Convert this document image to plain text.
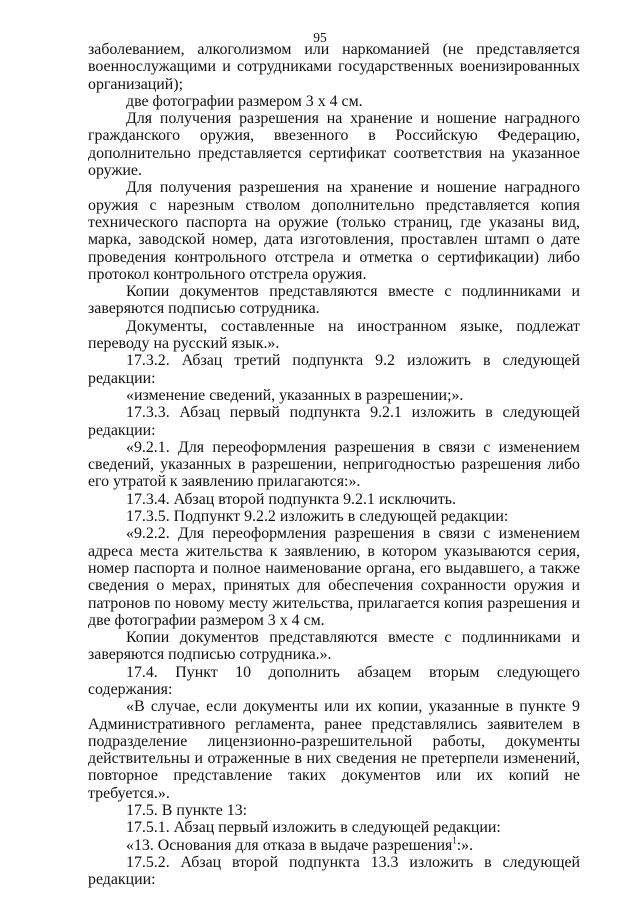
95

заболеванием, алкоголизмом или наркоманией (не представляется военнослужащими и сотрудниками государственных военизированных организаций);

две фотографии размером 3 х 4 см.

Для получения разрешения на хранение и ношение наградного гражданского оружия, ввезенного в Российскую Федерацию, дополнительно представляется сертификат соответствия на указанное оружие.

Для получения разрешения на хранение и ношение наградного оружия с нарезным стволом дополнительно представляется копия технического паспорта на оружие (только страниц, где указаны вид, марка, заводской номер, дата изготовления, проставлен штамп о дате проведения контрольного отстрела и отметка о сертификации) либо протокол контрольного отстрела оружия.

Копии документов представляются вместе с подлинниками и заверяются подписью сотрудника.

Документы, составленные на иностранном языке, подлежат переводу на русский язык.».

17.3.2. Абзац третий подпункта 9.2 изложить в следующей редакции:

«изменение сведений, указанных в разрешении;».

17.3.3. Абзац первый подпункта 9.2.1 изложить в следующей редакции:

«9.2.1. Для переоформления разрешения в связи с изменением сведений, указанных в разрешении, непригодностью разрешения либо его утратой к заявлению прилагаются:».

17.3.4. Абзац второй подпункта 9.2.1 исключить.

17.3.5. Подпункт 9.2.2 изложить в следующей редакции:

«9.2.2. Для переоформления разрешения в связи с изменением адреса места жительства к заявлению, в котором указываются серия, номер паспорта и полное наименование органа, его выдавшего, а также сведения о мерах, принятых для обеспечения сохранности оружия и патронов по новому месту жительства, прилагается копия разрешения и две фотографии размером 3 х 4 см.

Копии документов представляются вместе с подлинниками и заверяются подписью сотрудника.».

17.4. Пункт 10 дополнить абзацем вторым следующего содержания:

«В случае, если документы или их копии, указанные в пункте 9 Административного регламента, ранее представлялись заявителем в подразделение лицензионно-разрешительной работы, документы действительны и отраженные в них сведения не претерпели изменений, повторное представление таких документов или их копий не требуется.».

17.5. В пункте 13:

17.5.1. Абзац первый изложить в следующей редакции:

«13. Основания для отказа в выдаче разрешения$^1$:».

17.5.2. Абзац второй подпункта 13.3 изложить в следующей редакции:
